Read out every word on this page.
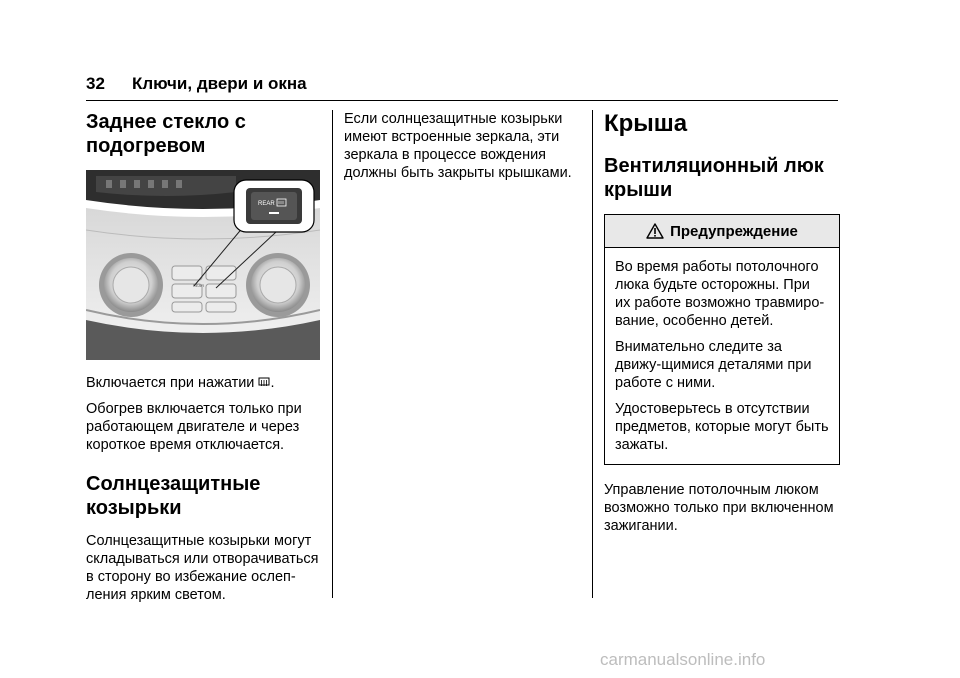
32 Ключи, двери и окна
Заднее стекло с
подогревом
REAR
REAR

Включается при нажатии .

Обогрев включается только при работающем двигателе и через короткое время отключается.

Солнцезащитные
козырьки

Солнцезащитные козырьки могут складываться или отворачиваться в сторону во избежание ослеп-ления ярким светом.

Если солнцезащитные козырьки имеют встроенные зеркала, эти зеркала в процессе вождения должны быть закрыты крышками.

Крыша
Вентиляционный люк
крыши
Предупреждение

Во время работы потолочного люка будьте осторожны. При их работе возможно травмиро-вание, особенно детей.

Внимательно следите за движу-щимися деталями при работе с ними.

Удостоверьтесь в отсутствии предметов, которые могут быть зажаты.

Управление потолочным люком возможно только при включенном зажигании.

carmanualsonline.info
